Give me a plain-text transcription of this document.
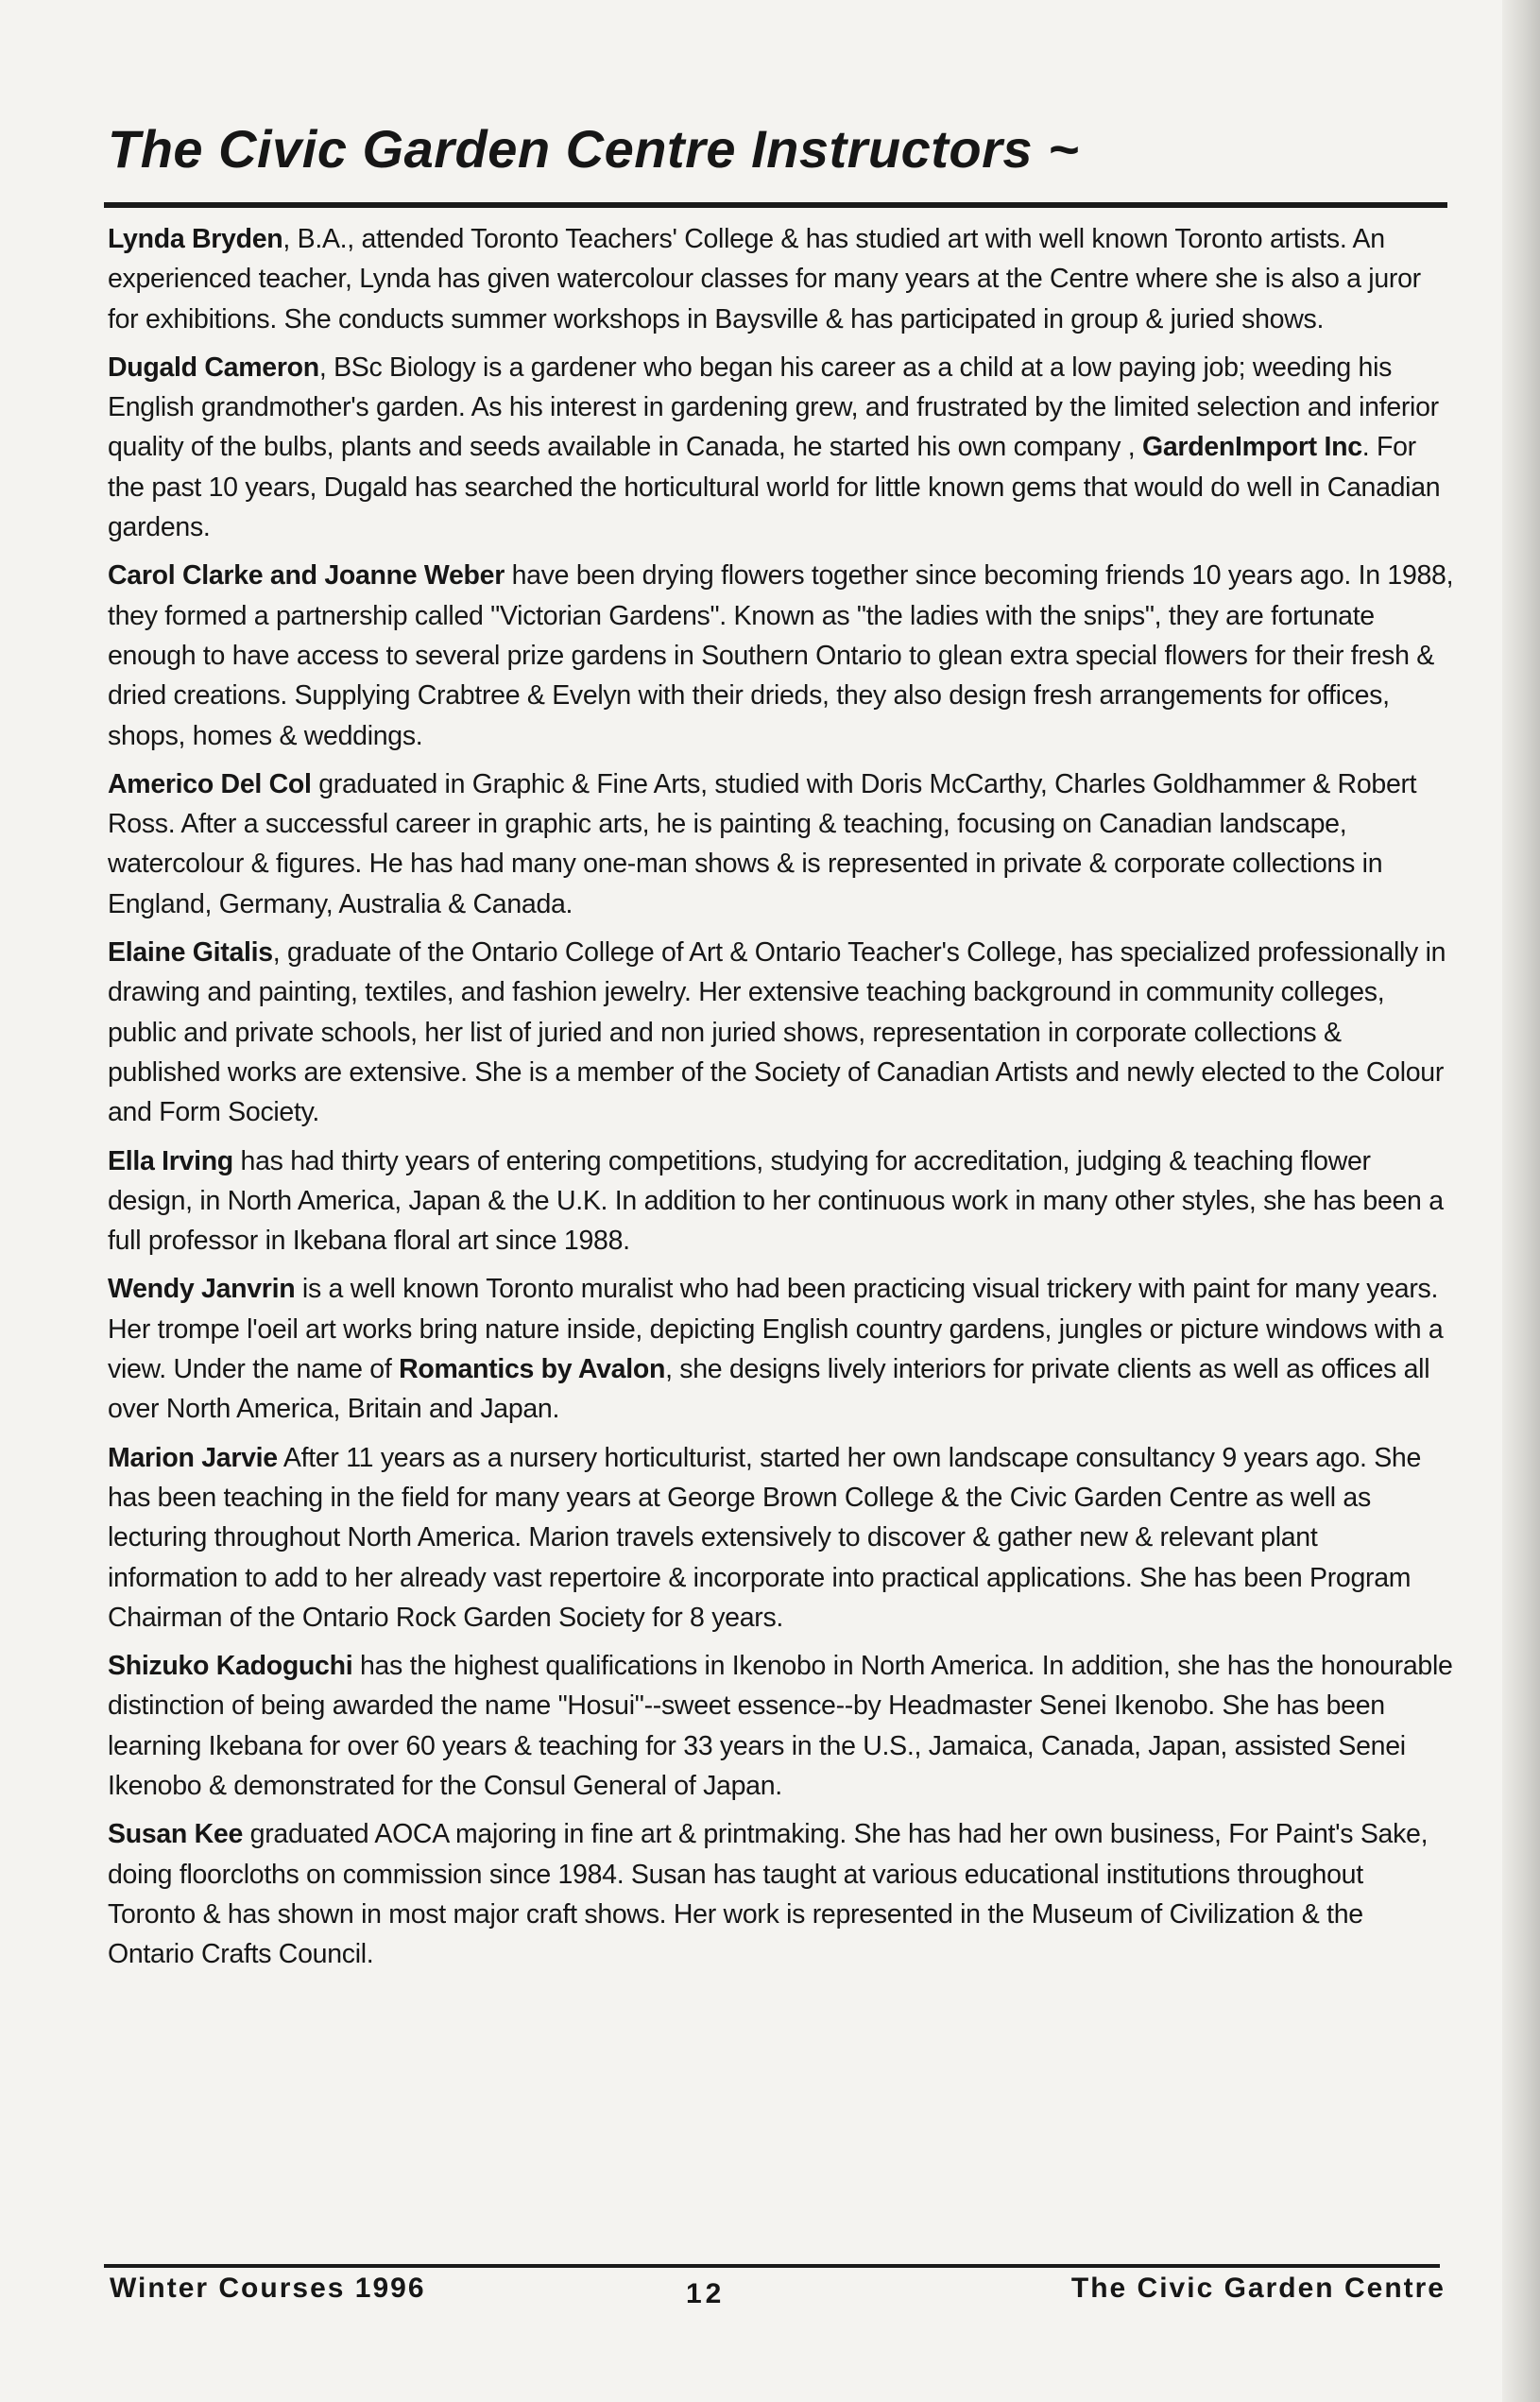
The Civic Garden Centre Instructors ~

Lynda Bryden, B.A., attended Toronto Teachers' College & has studied art with well known Toronto artists. An experienced teacher, Lynda has given watercolour classes for many years at the Centre where she is also a juror for exhibitions. She conducts summer workshops in Baysville & has participated in group & juried shows.

Dugald Cameron, BSc Biology is a gardener who began his career as a child at a low paying job; weeding his English grandmother's garden. As his interest in gardening grew, and frustrated by the limited selection and inferior quality of the bulbs, plants and seeds available in Canada, he started his own company , GardenImport Inc. For the past 10 years, Dugald has searched the horticultural world for little known gems that would do well in Canadian gardens.

Carol Clarke and Joanne Weber have been drying flowers together since becoming friends 10 years ago. In 1988, they formed a partnership called "Victorian Gardens". Known as "the ladies with the snips", they are fortunate enough to have access to several prize gardens in Southern Ontario to glean extra special flowers for their fresh & dried creations. Supplying Crabtree & Evelyn with their drieds, they also design fresh arrangements for offices, shops, homes & weddings.

Americo Del Col graduated in Graphic & Fine Arts, studied with Doris McCarthy, Charles Goldhammer & Robert Ross. After a successful career in graphic arts, he is painting & teaching, focusing on Canadian landscape, watercolour & figures. He has had many one-man shows & is represented in private & corporate collections in England, Germany, Australia & Canada.

Elaine Gitalis, graduate of the Ontario College of Art & Ontario Teacher's College, has specialized professionally in drawing and painting, textiles, and fashion jewelry. Her extensive teaching background in community colleges, public and private schools, her list of juried and non juried shows, representation in corporate collections & published works are extensive. She is a member of the Society of Canadian Artists and newly elected to the Colour and Form Society.

Ella Irving has had thirty years of entering competitions, studying for accreditation, judging & teaching flower design, in North America, Japan & the U.K. In addition to her continuous work in many other styles, she has been a full professor in Ikebana floral art since 1988.

Wendy Janvrin is a well known Toronto muralist who had been practicing visual trickery with paint for many years. Her trompe l'oeil art works bring nature inside, depicting English country gardens, jungles or picture windows with a view. Under the name of Romantics by Avalon, she designs lively interiors for private clients as well as offices all over North America, Britain and Japan.

Marion Jarvie After 11 years as a nursery horticulturist, started her own landscape consultancy 9 years ago. She has been teaching in the field for many years at George Brown College & the Civic Garden Centre as well as lecturing throughout North America. Marion travels extensively to discover & gather new & relevant plant information to add to her already vast repertoire & incorporate into practical applications. She has been Program Chairman of the Ontario Rock Garden Society for 8 years.

Shizuko Kadoguchi has the highest qualifications in Ikenobo in North America. In addition, she has the honourable distinction of being awarded the name "Hosui"--sweet essence--by Headmaster Senei Ikenobo. She has been learning Ikebana for over 60 years & teaching for 33 years in the U.S., Jamaica, Canada, Japan, assisted Senei Ikenobo & demonstrated for the Consul General of Japan.

Susan Kee graduated AOCA majoring in fine art & printmaking. She has had her own business, For Paint's Sake, doing floorcloths on commission since 1984. Susan has taught at various educational institutions throughout Toronto & has shown in most major craft shows. Her work is represented in the Museum of Civilization & the Ontario Crafts Council.

Winter Courses 1996	12	The Civic Garden Centre
